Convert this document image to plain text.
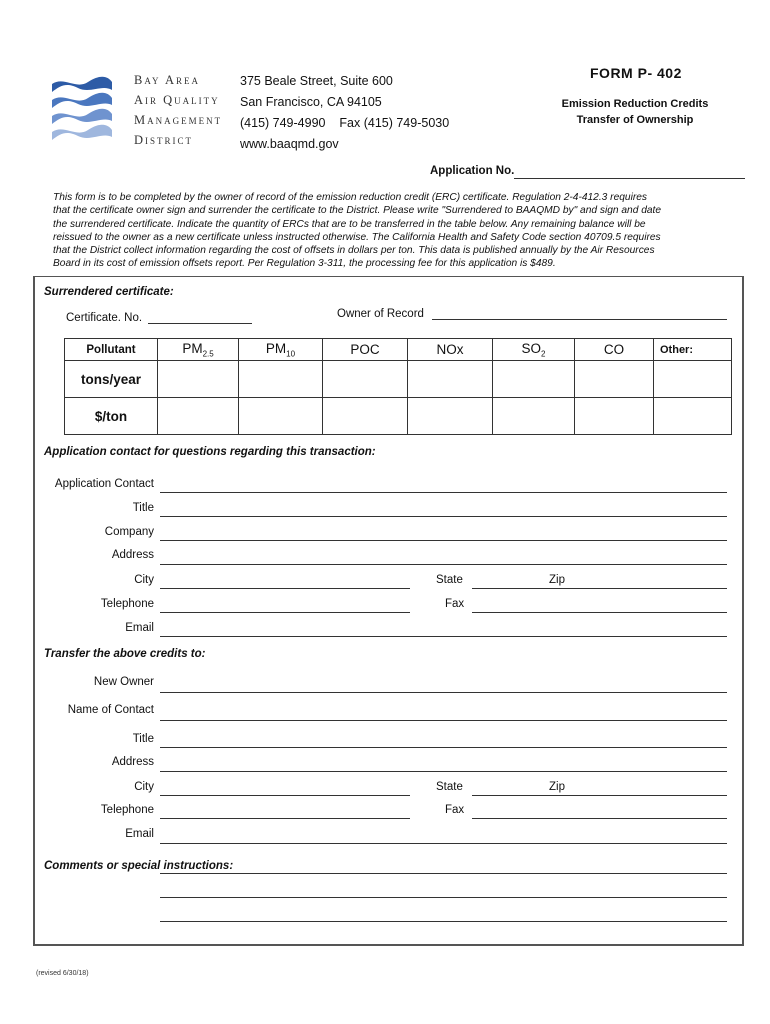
Bay Area
Air Quality
Management
District
375 Beale Street, Suite 600
San Francisco, CA 94105
(415) 749-4990 Fax (415) 749-5030
www.baaqmd.gov
FORM P- 402
Emission Reduction Credits
Transfer of Ownership
Application No.
This form is to be completed by the owner of record of the emission reduction credit (ERC) certificate. Regulation 2-4-412.3 requires
that the certificate owner sign and surrender the certificate to the District. Please write "Surrendered to BAAQMD by" and sign and date
the surrendered certificate. Indicate the quantity of ERCs that are to be transferred in the table below. Any remaining balance will be
reissued to the owner as a new certificate unless instructed otherwise. The California Health and Safety Code section 40709.5 requires
that the District collect information regarding the cost of offsets in dollars per ton. This data is published annually by the Air Resources
Board in its cost of emission offsets report. Per Regulation 3-311, the processing fee for this application is $489.
Surrendered certificate:
Certificate. No.	Owner of Record
Pollutant	$PM_{2.5}$	$PM_{10}$	POC	NOx	$SO_2$	CO	Other:
tons/year							
$/ton							
Application contact for questions regarding this transaction:
Application Contact
Title
Company
Address
City	State	Zip
Telephone	Fax
Email
Transfer the above credits to:
New Owner
Name of Contact
Title
Address
City	State	Zip
Telephone	Fax
Email
Comments or special instructions:
(revised 6/30/18)
